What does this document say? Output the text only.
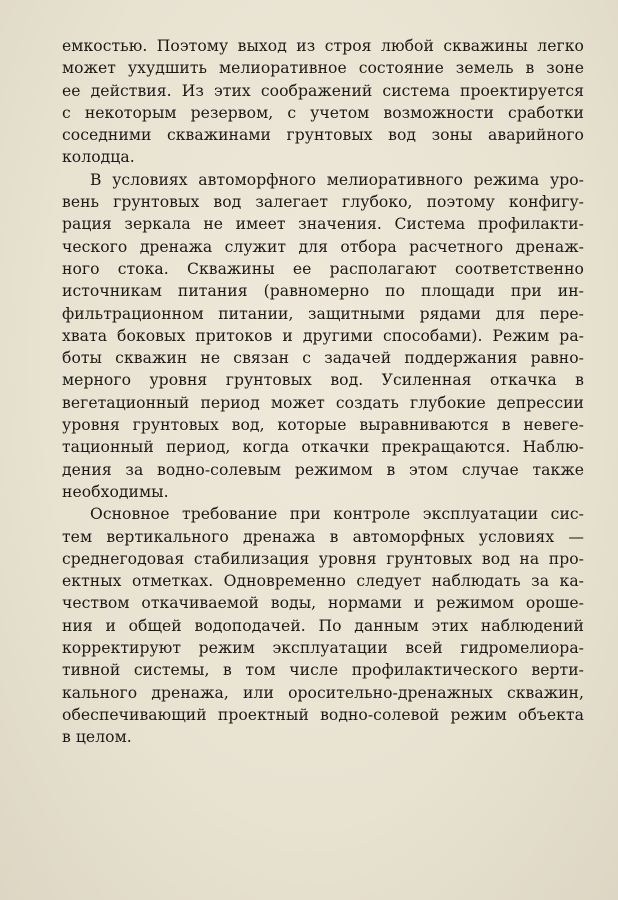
емкостью. Поэтому выход из строя любой скважины легко
может ухудшить мелиоративное состояние земель в зоне
ее действия. Из этих соображений система проектируется
с некоторым резервом, с учетом возможности сработки
соседними скважинами грунтовых вод зоны аварийного
колодца.
В условиях автоморфного мелиоративного режима уро-
вень грунтовых вод залегает глубоко, поэтому конфигу-
рация зеркала не имеет значения. Система профилакти-
ческого дренажа служит для отбора расчетного дренаж-
ного стока. Скважины ее располагают соответственно
источникам питания (равномерно по площади при ин-
фильтрационном питании, защитными рядами для пере-
хвата боковых притоков и другими способами). Режим ра-
боты скважин не связан с задачей поддержания равно-
мерного уровня грунтовых вод. Усиленная откачка в
вегетационный период может создать глубокие депрессии
уровня грунтовых вод, которые выравниваются в невеге-
тационный период, когда откачки прекращаются. Наблю-
дения за водно-солевым режимом в этом случае также
необходимы.
Основное требование при контроле эксплуатации сис-
тем вертикального дренажа в автоморфных условиях —
среднегодовая стабилизация уровня грунтовых вод на про-
ектных отметках. Одновременно следует наблюдать за ка-
чеством откачиваемой воды, нормами и режимом ороше-
ния и общей водоподачей. По данным этих наблюдений
корректируют режим эксплуатации всей гидромелиора-
тивной системы, в том числе профилактического верти-
кального дренажа, или оросительно-дренажных скважин,
обеспечивающий проектный водно-солевой режим объекта
в целом.
